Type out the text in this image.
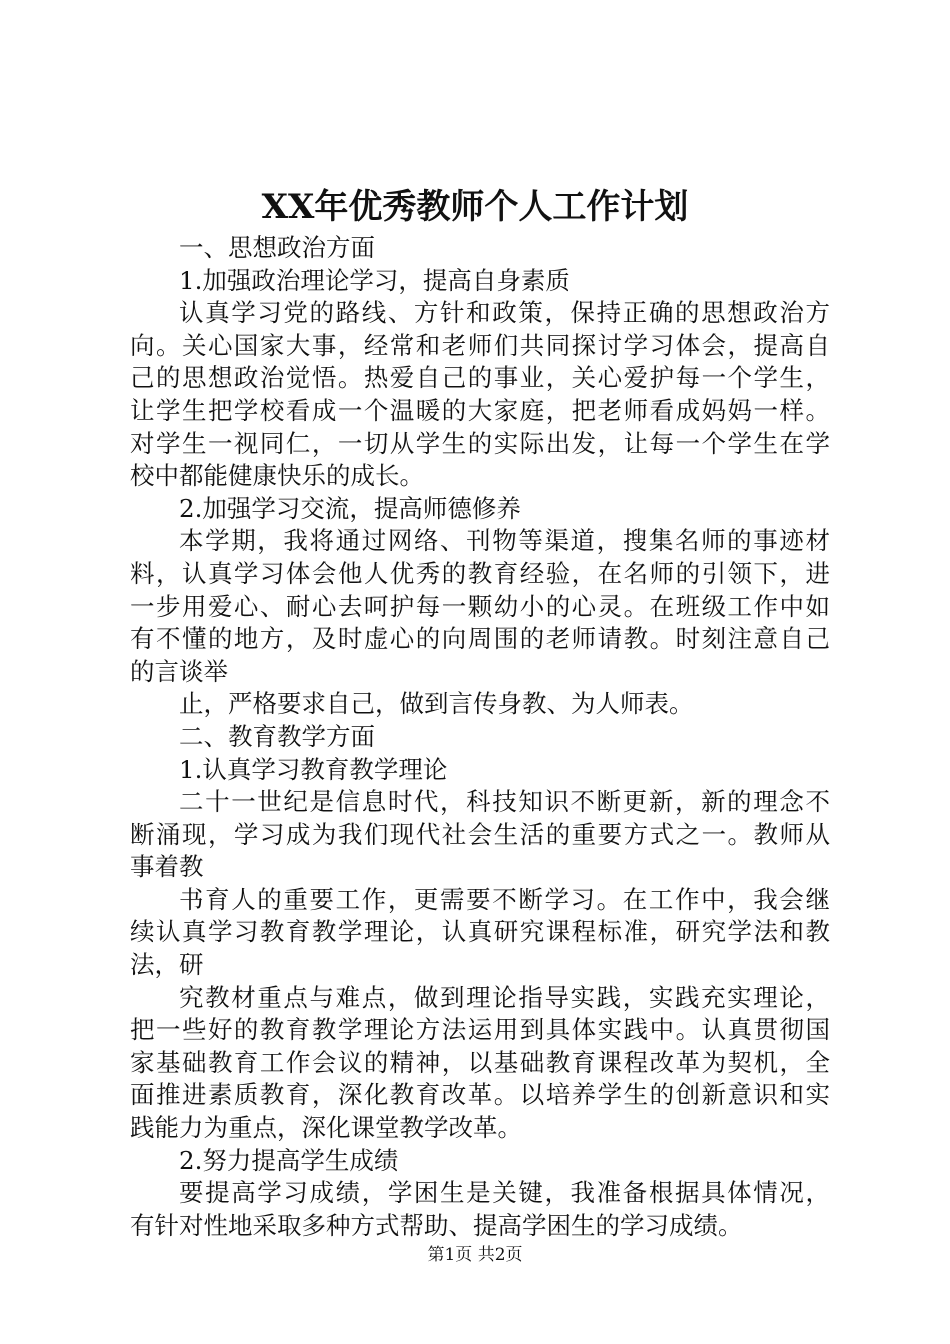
XX年优秀教师个人工作计划
一、思想政治方面
1.加强政治理论学习，提高自身素质
认真学习党的路线、方针和政策，保持正确的思想政治方
向。关心国家大事，经常和老师们共同探讨学习体会，提高自
己的思想政治觉悟。热爱自己的事业，关心爱护每一个学生，
让学生把学校看成一个温暖的大家庭，把老师看成妈妈一样。
对学生一视同仁，一切从学生的实际出发，让每一个学生在学
校中都能健康快乐的成长。
2.加强学习交流，提高师德修养
本学期，我将通过网络、刊物等渠道，搜集名师的事迹材
料，认真学习体会他人优秀的教育经验，在名师的引领下，进
一步用爱心、耐心去呵护每一颗幼小的心灵。在班级工作中如
有不懂的地方，及时虚心的向周围的老师请教。时刻注意自己
的言谈举
止，严格要求自己，做到言传身教、为人师表。
二、教育教学方面
1.认真学习教育教学理论
二十一世纪是信息时代，科技知识不断更新，新的理念不
断涌现，学习成为我们现代社会生活的重要方式之一。教师从
事着教
书育人的重要工作，更需要不断学习。在工作中，我会继
续认真学习教育教学理论，认真研究课程标准，研究学法和教
法，研
究教材重点与难点，做到理论指导实践，实践充实理论，
把一些好的教育教学理论方法运用到具体实践中。认真贯彻国
家基础教育工作会议的精神，以基础教育课程改革为契机，全
面推进素质教育，深化教育改革。以培养学生的创新意识和实
践能力为重点，深化课堂教学改革。
2.努力提高学生成绩
要提高学习成绩，学困生是关键，我准备根据具体情况，
有针对性地采取多种方式帮助、提高学困生的学习成绩。
第1页 共2页
